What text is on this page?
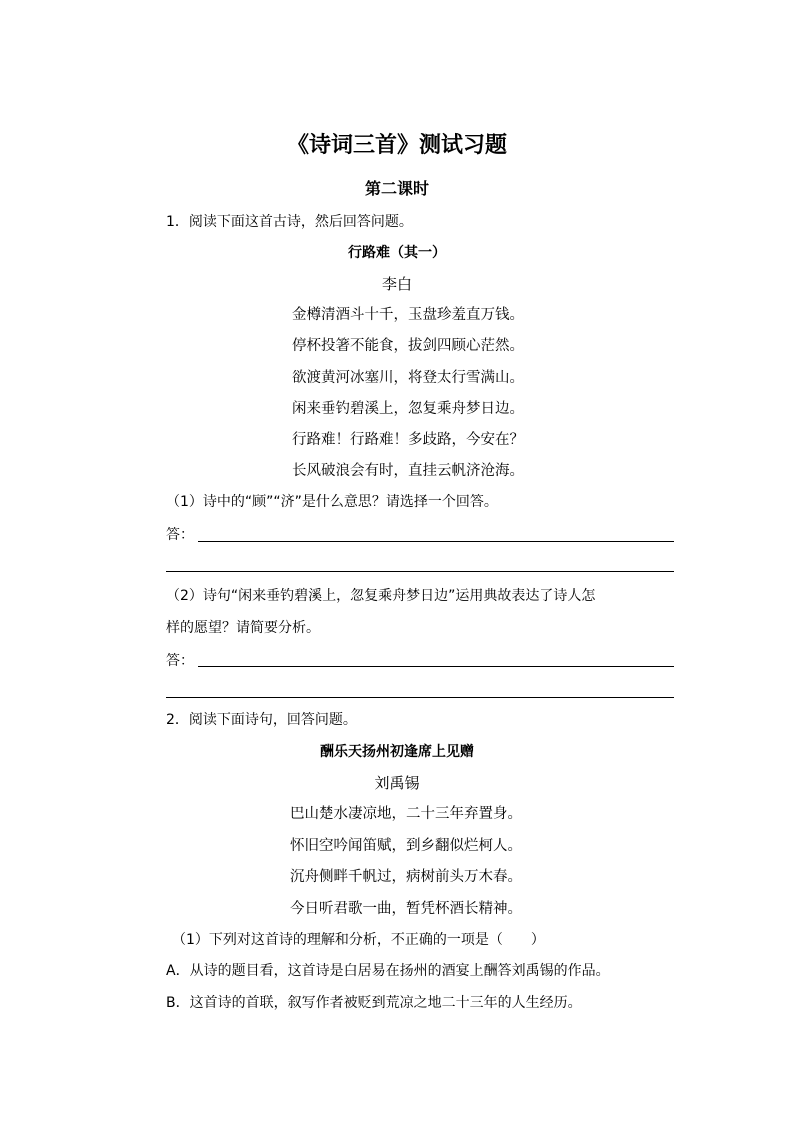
《诗词三首》测试习题
第二课时
1．阅读下面这首古诗，然后回答问题。
行路难（其一）
李白
金樽清酒斗十千，玉盘珍羞直万钱。
停杯投箸不能食，拔剑四顾心茫然。
欲渡黄河冰塞川，将登太行雪满山。
闲来垂钓碧溪上，忽复乘舟梦日边。
行路难！行路难！多歧路，今安在？
长风破浪会有时，直挂云帆济沧海。
（1）诗中的“顾”“济”是什么意思？请选择一个回答。
答：
（2）诗句“闲来垂钓碧溪上，忽复乘舟梦日边”运用典故表达了诗人怎
样的愿望？请简要分析。
答：
2．阅读下面诗句，回答问题。
酬乐天扬州初逢席上见赠
刘禹锡
巴山楚水凄凉地，二十三年弃置身。
怀旧空吟闻笛赋，到乡翻似烂柯人。
沉舟侧畔千帆过，病树前头万木春。
今日听君歌一曲，暂凭杯酒长精神。
（1）下列对这首诗的理解和分析，不正确的一项是（　　）
A．从诗的题目看，这首诗是白居易在扬州的酒宴上酬答刘禹锡的作品。
B．这首诗的首联，叙写作者被贬到荒凉之地二十三年的人生经历。
